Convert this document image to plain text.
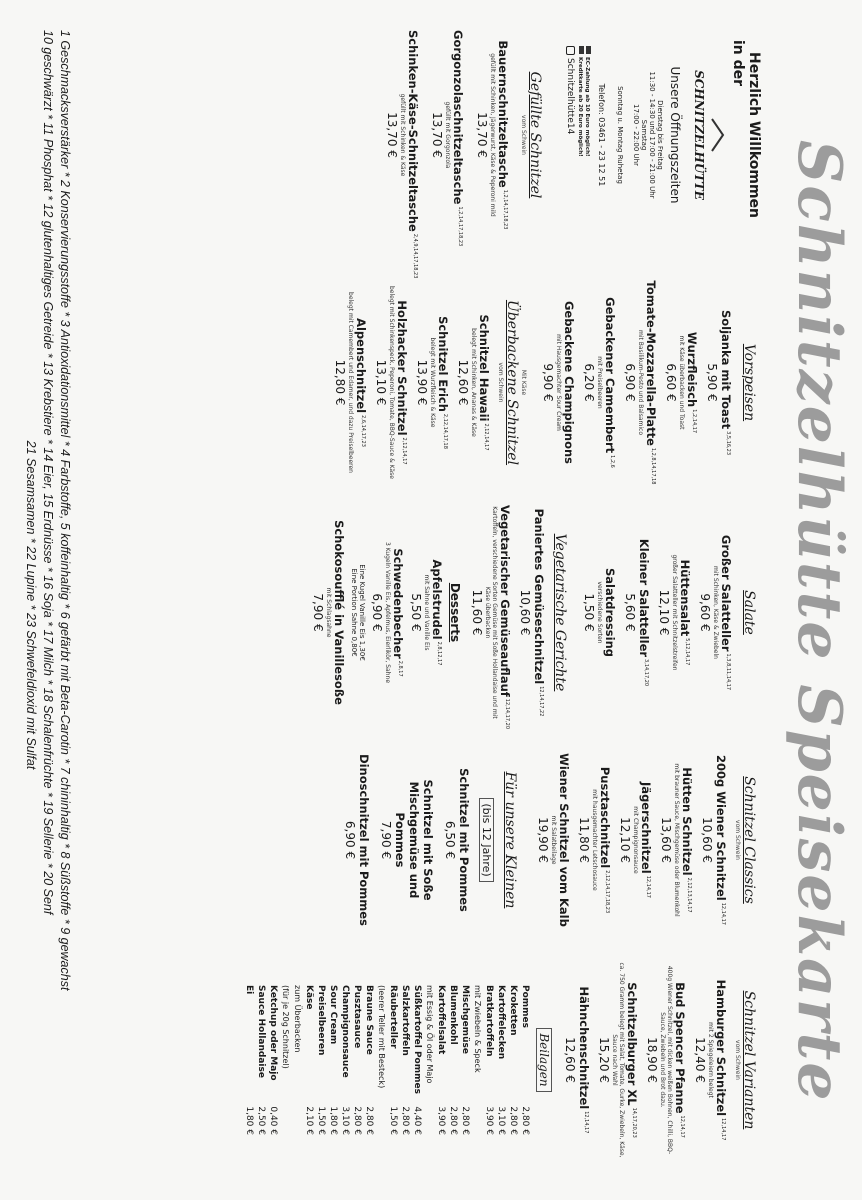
Schnitzelhütte Speisekarte
Herzlich Willkommen
in der
SCHNITZELHÜTTE
Unsere Öffnungszeiten
Dienstag bis Freitag
11:30 - 14:30 und 17:00 - 21:00 Uhr
Samstag
17:00 - 22:00 Uhr
Sonntag u. Montag Ruhetag
Telefon: 03461 - 23 12 51
EC-Zahlung ab 10 Euro möglich!
Kreditkarte ab 20 Euro möglich!
Schnitzelhütte14
Gefüllte Schnitzel
vom Schwein
Bauernschnitzeltasche$^{1,2,14,17,18,23}$
gefüllt mit Schinken, Jägerwurst, Käse & Peperoni mild
13,70 €
Gorgonzolaschnitzeltasche$^{1,2,14,17,18,23}$
gefüllt mit Gorgonzola
13,70 €
Schinken-Käse-Schnitzeltasche$^{2,4,9,14,17,18,23}$
gefüllt mit Schinken & Käse
13,70 €
Vorspeisen
Soljanka mit Toast$^{3,5,16,23}$
5,90 €
Wurzfleisch$^{1,2,14,17}$
mit Käse überbacken und Toast
6,60 €
Tomate-Mozzarella-Platte$^{1,2,8,14,17,18}$
mit Basilikum-Pesto und Balsamico
6,90 €
Gebackener Camembert$^{1,2,6}$
mit Preiselbeeren
6,20 €
Gebackene Champignons
mit Hausgemachter Sour Cream
9,90 €
Mit Käse
Überbackene Schnitzel
vom Schwein
Schnitzel Hawaii$^{2,12,14,17}$
belegt mit Schinken, Ananas & Käse
12,60 €
Schnitzel Erich$^{2,12,14,17,18}$
belegt mit Wurzfleisch & Käse
13,90 €
Holzhacker Schnitzel$^{2,12,14,17}$
belegt mit Schinkenspeck, Peperoni, Tomate, BBQ-Sauce & Käse
13,10 €
Alpenschnitzel$^{2,6,14,17,23}$
belegt mit Camembert und Edamer, und dazu Preiselbeeren
12,80 €
Salate
Großer Salatteller$^{1,3,8,11,14,17}$
mit Schinken, Käse & Zwiebeln
9,60 €
Hüttensalat$^{5,12,14,17}$
großer Salatteller mit Schnitzelstreifen
12,10 €
Kleiner Salatteller$^{3,14,17,20}$
5,60 €
Salatdressing
verschiedene Sorten
1,50 €
Vegetarische Gerichte
Paniertes Gemüseschnitzel$^{12,14,17,22}$
10,60 €
Vegetarischer Gemüseauflauf$^{12,14,17,20}$
Kartoffeln, verschiedene Sorten Gemüse mit Soße Hollandaise und mit Käse überbacken
11,60 €
Desserts
Apfelstrudel$^{2,8,12,17}$
mit Sahne und Vanille Eis
5,50 €
Schwedenbecher$^{2,8,17}$
3 Kugeln Vanille Eis, Apfelmus, Eierlikör, Sahne
6,90 €
Eine Kugel Vanille Eis 1,30€
Eine Portion Sahne 0,80€
Schokosoufflé in Vanillesoße
mit Schlagsahne
7,90 €
Schnitzel Classics
vom Schwein
200g Wiener Schnitzel$^{12,14,17}$
10,60 €
Hütten Schnitzel$^{2,12,13,14,17}$
mit brauner Sauce, Mischgemüse oder Blumenkohl
13,60 €
Jägerschnitzel$^{12,14,17}$
mit Champignonsauce
12,10 €
Pusztaschnitzel$^{2,12,14,17,18,23}$
mit hausgemachter Letschosauce
11,80 €
Wiener Schnitzel vom Kalb
mit Salatbeilage
19,90 €
Für unsere Kleinen
(bis 12 Jahre)
Schnitzel mit Pommes
6,50 €
Schnitzel mit Soße Mischgemüse und Pommes
7,90 €
Dinoschnitzel mit Pommes
6,90 €
Schnitzel Varianten
vom Schwein
Hamburger Schnitzel$^{12,14,17}$
mit 2 Spiegeleiern belegt
12,40 €
Bud Spencer Pfanne$^{12,14,17}$
400g Wiener Schnitzel, mit dicken weißen Bohnen, Chilli, BBQ-Sauce, Zwiebeln und Brot dazu.
18,90 €
Schnitzelburger XL$^{14,17,20,23}$
ca. 750 Gramm belegt mit Salat, Tomate, Gurke, Zwiebeln, Käse, Sauce nach Wahl
15,20 €
Hähnchenschnitzel$^{12,14,17}$
12,60 €
Beilagen
Pommes
2,80 €
Kroketten
2,80 €
Kartoffelecken
3,10 €
Bratkartoffeln
3,90 €
mit Zwiebeln & Speck
Mischgemüse
2,80 €
Blumenkohl
2,80 €
Kartoffelsalat
3,90 €
mit Essig & Öl oder Majo
Süßkartoffel Pommes
4,40 €
Salzkartoffeln
2,80 €
Räuberteller
1,50 €
(leerer Teller mit Besteck)
Braune Sauce
2,80 €
Pusztasauce
2,80 €
Champignonsauce
3,10 €
Sour Cream
1,80 €
Preiselbeeren
1,50 €
Käse
2,10 €
zum Überbacken
(für je 20g Schnitzel)
Ketchup oder Majo
0,40 €
Sauce Hollandaise
2,50 €
Ei
1,80 €
1 Geschmacksverstärker * 2 Konservierungsstoffe * 3 Antioxidationsmittel * 4 Farbstoffe, 5 koffeinhaltig * 6 gefärbt mit Beta-Carotin * 7 chininhaltig * 8 Süßstoffe * 9 gewachst
10 geschwärzt * 11 Phosphat * 12 glutenhaltiges Getreide * 13 Krebstiere * 14 Eier, 15 Erdnüsse * 16 Soja * 17 Milch * 18 Schalenfrüchte * 19 Sellerie * 20 Senf
21 Sesamsamen * 22 Lupine * 23 Schwefeldioxid mit Sulfat
